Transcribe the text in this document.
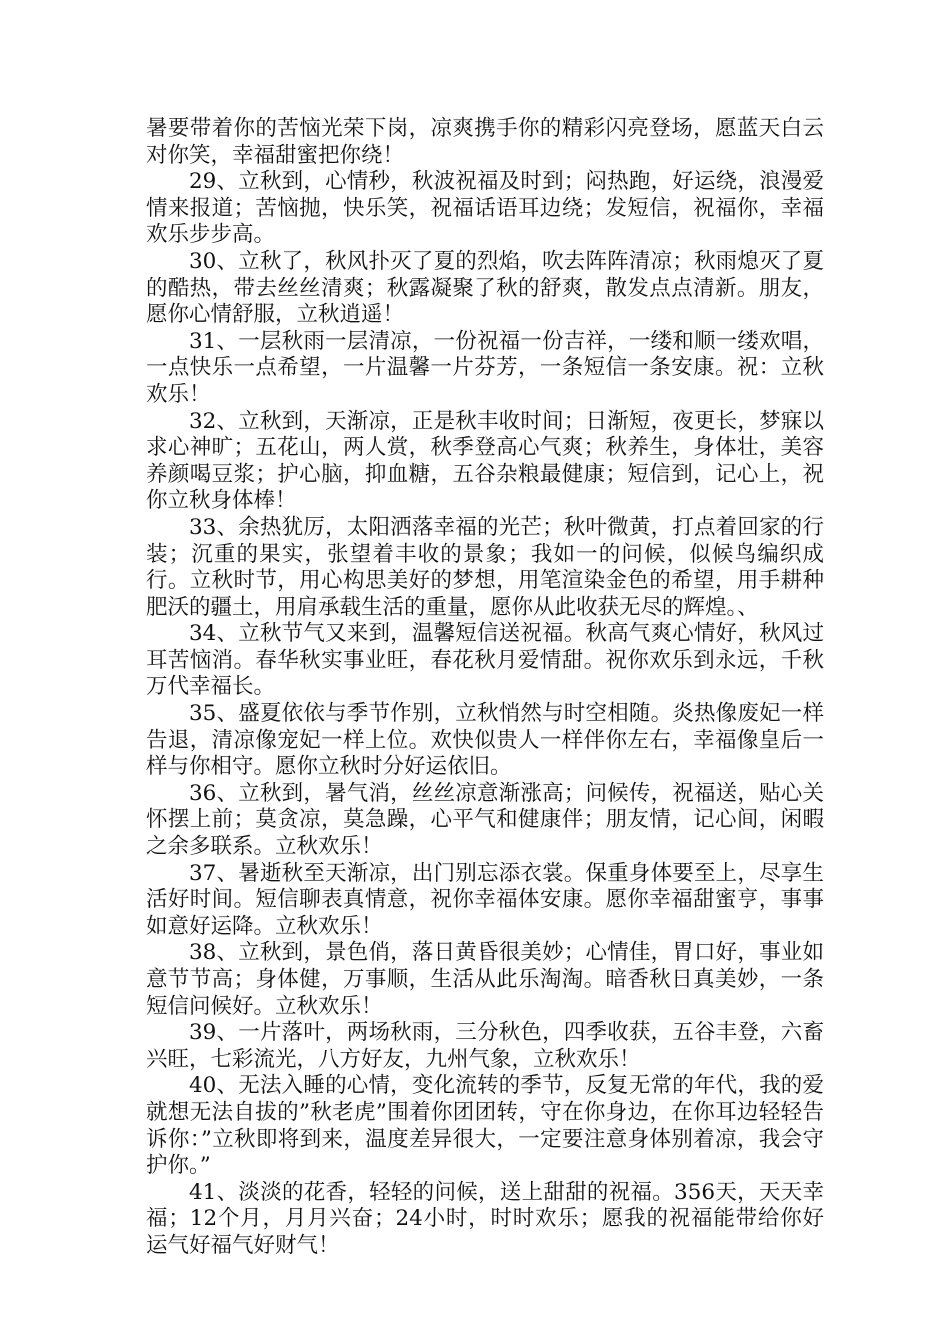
暑要带着你的苦恼光荣下岗，凉爽携手你的精彩闪亮登场，愿蓝天白云对你笑，幸福甜蜜把你绕！

29、立秋到，心情秒，秋波祝福及时到；闷热跑，好运绕，浪漫爱情来报道；苦恼抛，快乐笑，祝福话语耳边绕；发短信，祝福你，幸福欢乐步步高。

30、立秋了，秋风扑灭了夏的烈焰，吹去阵阵清凉；秋雨熄灭了夏的酷热，带去丝丝清爽；秋露凝聚了秋的舒爽，散发点点清新。朋友，愿你心情舒服，立秋逍遥！

31、一层秋雨一层清凉，一份祝福一份吉祥，一缕和顺一缕欢唱，一点快乐一点希望，一片温馨一片芬芳，一条短信一条安康。祝：立秋欢乐！

32、立秋到，天渐凉，正是秋丰收时间；日渐短，夜更长，梦寐以求心神旷；五花山，两人赏，秋季登高心气爽；秋养生，身体壮，美容养颜喝豆浆；护心脑，抑血糖，五谷杂粮最健康；短信到，记心上，祝你立秋身体棒！

33、余热犹厉，太阳洒落幸福的光芒；秋叶微黄，打点着回家的行装；沉重的果实，张望着丰收的景象；我如一的问候，似候鸟编织成行。立秋时节，用心构思美好的梦想，用笔渲染金色的希望，用手耕种肥沃的疆土，用肩承载生活的重量，愿你从此收获无尽的辉煌。、

34、立秋节气又来到，温馨短信送祝福。秋高气爽心情好，秋风过耳苦恼消。春华秋实事业旺，春花秋月爱情甜。祝你欢乐到永远，千秋万代幸福长。

35、盛夏依依与季节作别，立秋悄然与时空相随。炎热像废妃一样告退，清凉像宠妃一样上位。欢快似贵人一样伴你左右，幸福像皇后一样与你相守。愿你立秋时分好运依旧。

36、立秋到，暑气消，丝丝凉意渐涨高；问候传，祝福送，贴心关怀摆上前；莫贪凉，莫急躁，心平气和健康伴；朋友情，记心间，闲暇之余多联系。立秋欢乐！

37、暑逝秋至天渐凉，出门别忘添衣裳。保重身体要至上，尽享生活好时间。短信聊表真情意，祝你幸福体安康。愿你幸福甜蜜亨，事事如意好运降。立秋欢乐！

38、立秋到，景色俏，落日黄昏很美妙；心情佳，胃口好，事业如意节节高；身体健，万事顺，生活从此乐淘淘。暗香秋日真美妙，一条短信问候好。立秋欢乐！

39、一片落叶，两场秋雨，三分秋色，四季收获，五谷丰登，六畜兴旺，七彩流光，八方好友，九州气象，立秋欢乐！

40、无法入睡的心情，变化流转的季节，反复无常的年代，我的爱就想无法自拔的”秋老虎”围着你团团转，守在你身边，在你耳边轻轻告诉你：”立秋即将到来，温度差异很大，一定要注意身体别着凉，我会守护你。”

41、淡淡的花香，轻轻的问候，送上甜甜的祝福。356天，天天幸福；12个月，月月兴奋；24小时，时时欢乐；愿我的祝福能带给你好运气好福气好财气！
